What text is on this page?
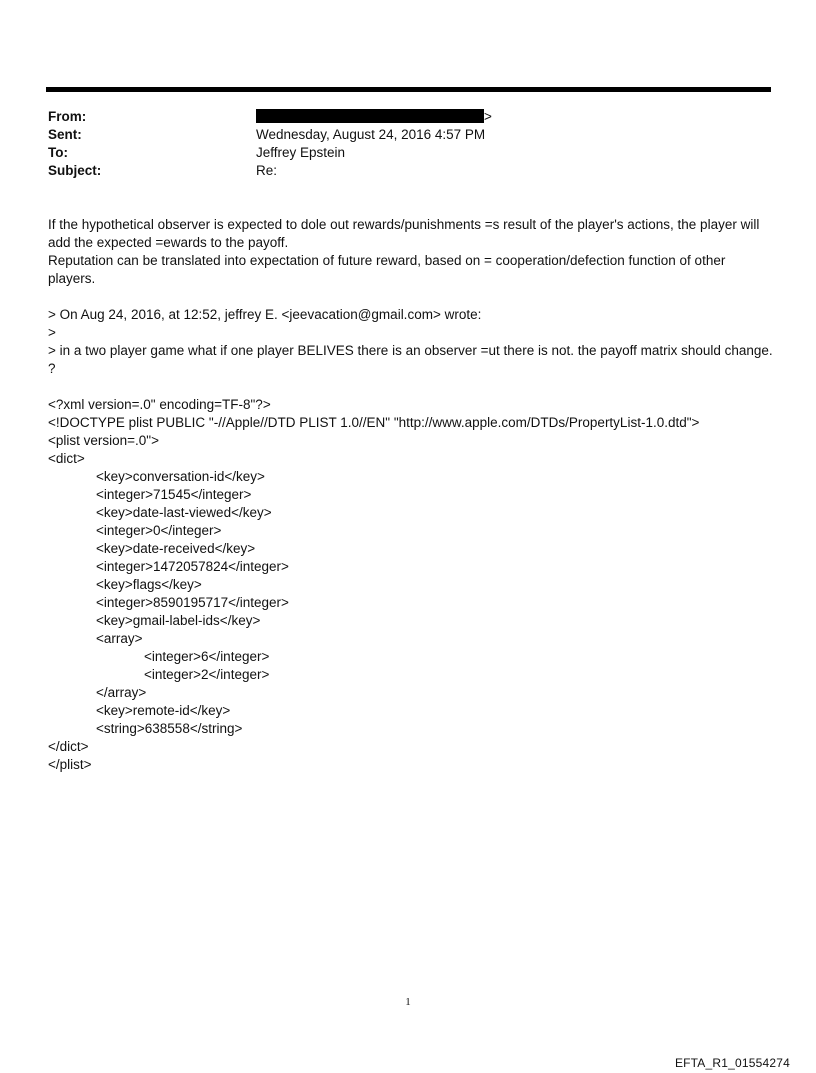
From:	>
Sent:	Wednesday, August 24, 2016 4:57 PM
To:	Jeffrey Epstein
Subject:	Re:

If the hypothetical observer is expected to dole out rewards/punishments =s result of the player's actions, the player will add the expected =ewards to the payoff.

Reputation can be translated into expectation of future reward, based on = cooperation/defection function of other players.

> On Aug 24, 2016, at 12:52, jeffrey E. <jeevacation@gmail.com> wrote:

>

> in a two player game what if one player BELIVES there is an observer =ut there is not. the payoff matrix should change. ?

<?xml version=.0" encoding=TF-8"?>
<!DOCTYPE plist PUBLIC "-//Apple//DTD PLIST 1.0//EN" "http://www.apple.com/DTDs/PropertyList-1.0.dtd">
<plist version=.0">
<dict>
<key>conversation-id</key>
<integer>71545</integer>
<key>date-last-viewed</key>
<integer>0</integer>
<key>date-received</key>
<integer>1472057824</integer>
<key>flags</key>
<integer>8590195717</integer>
<key>gmail-label-ids</key>
<array>
<integer>6</integer>
<integer>2</integer>
</array>
<key>remote-id</key>
<string>638558</string>
</dict>
</plist>
1
EFTA_R1_01554274
